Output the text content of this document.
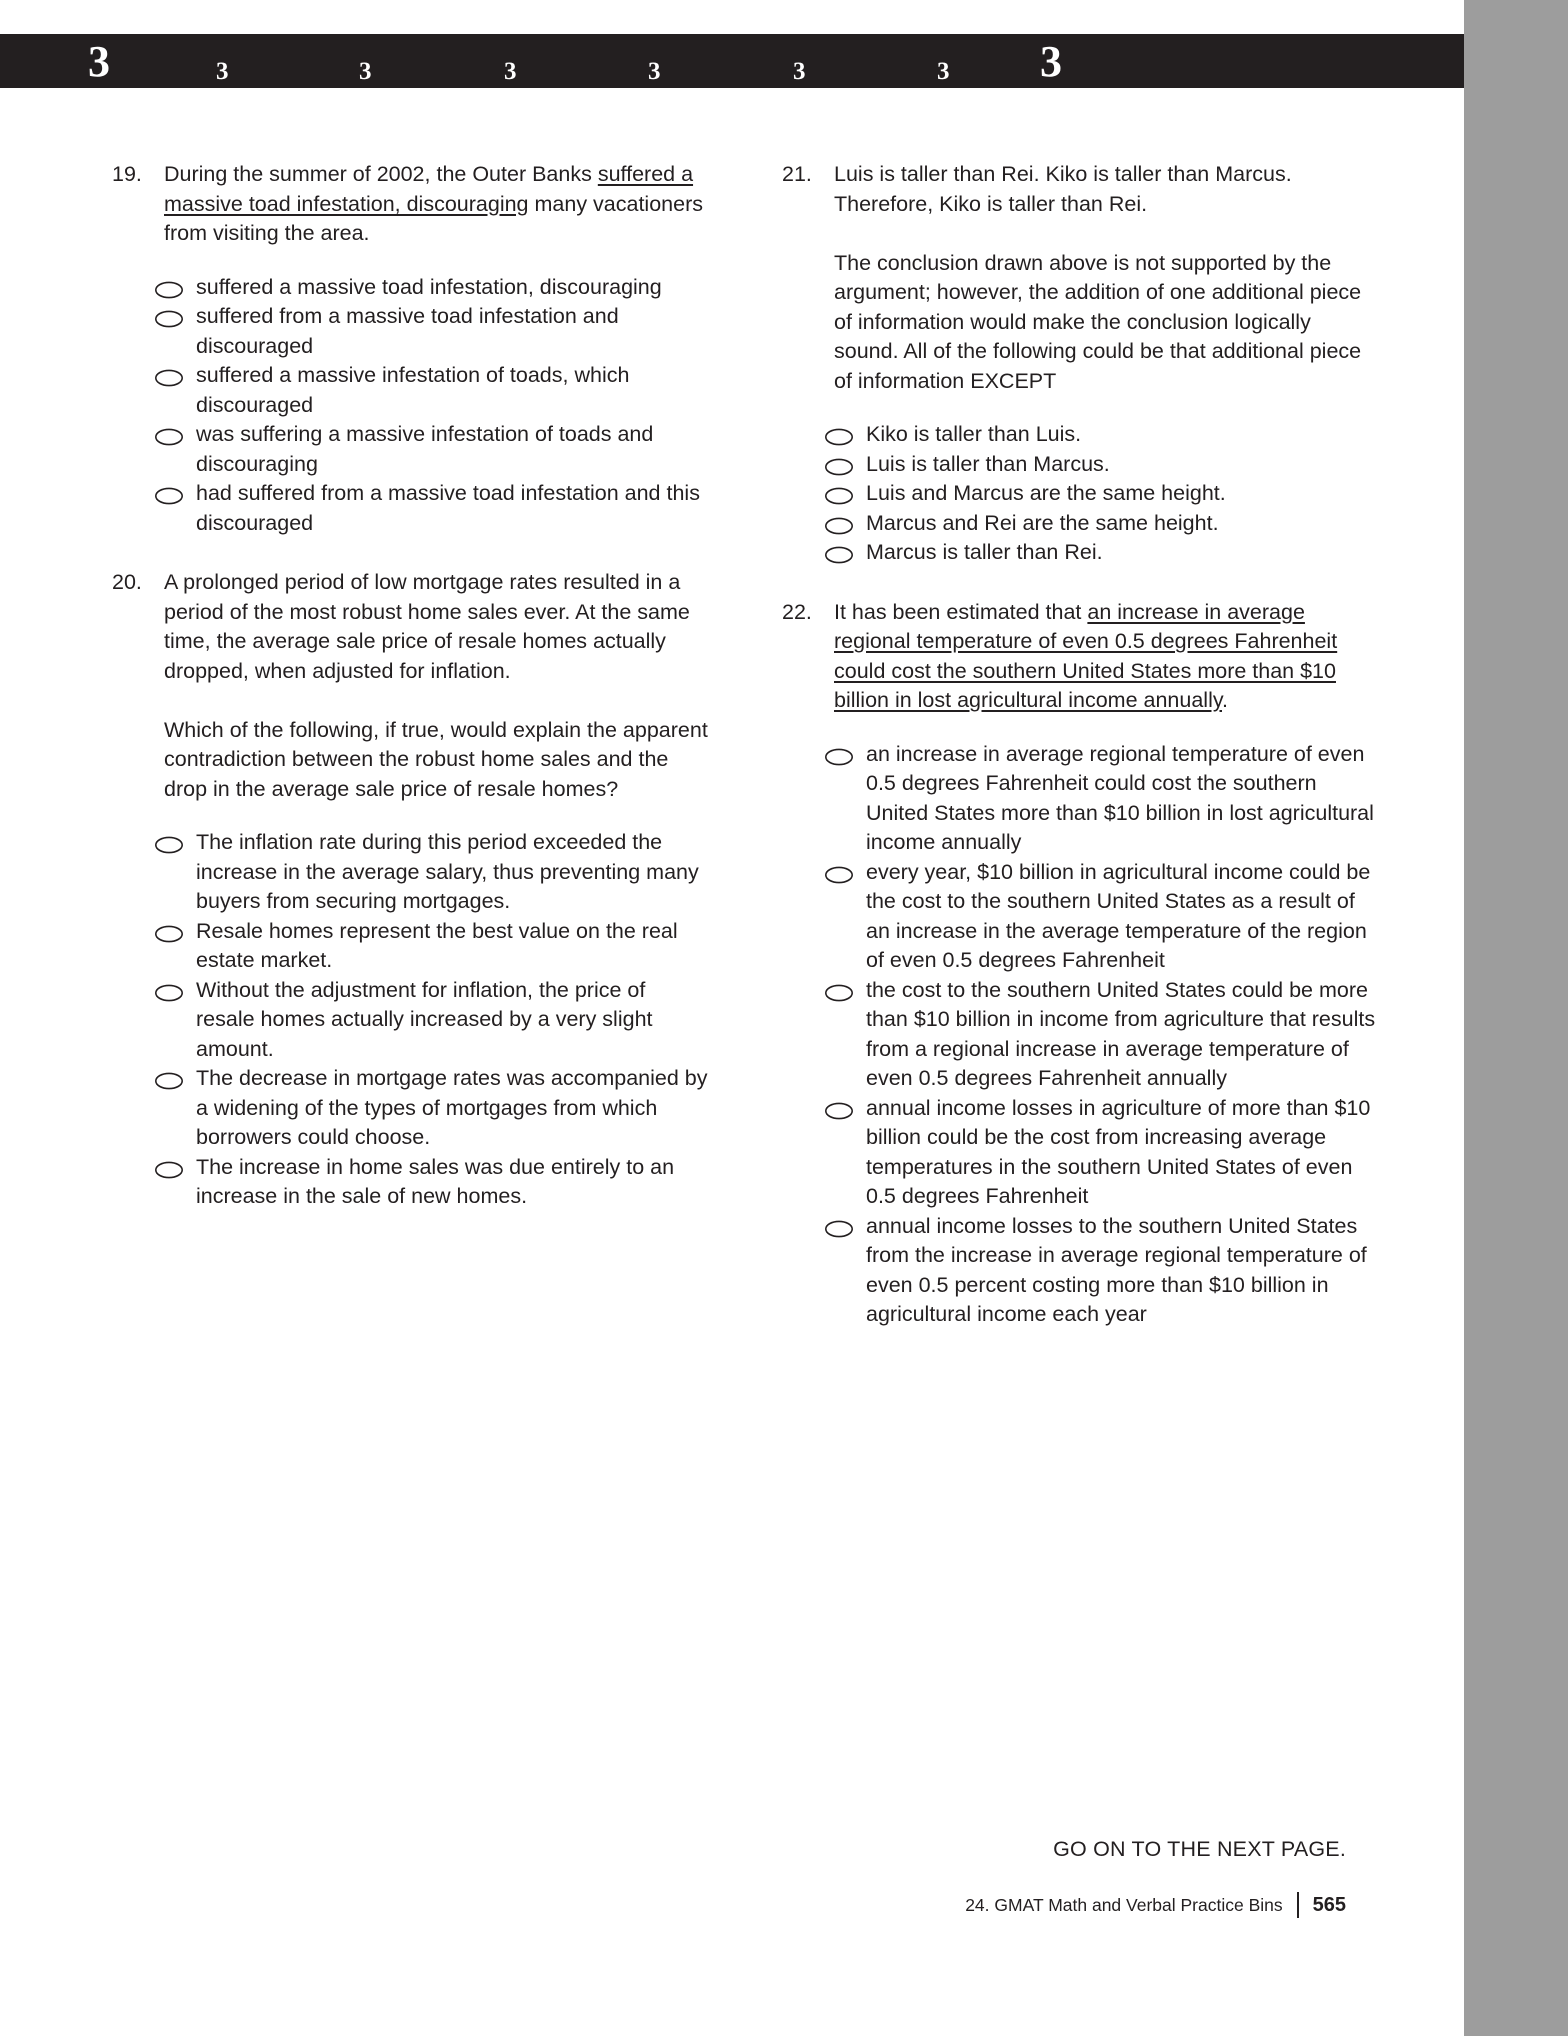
3	3	3	3	3	3	3 3
19.	During the summer of 2002, the Outer Banks suffered a massive toad infestation, discouraging many vacationers from visiting the area.

suffered a massive toad infestation, discouraging
suffered from a massive toad infestation and discouraged
suffered a massive infestation of toads, which discouraged
was suffering a massive infestation of toads and discouraging
had suffered from a massive toad infestation and this discouraged
20.	A prolonged period of low mortgage rates resulted in a period of the most robust home sales ever. At the same time, the average sale price of resale homes actually dropped, when adjusted for inflation.

Which of the following, if true, would explain the apparent contradiction between the robust home sales and the drop in the average sale price of resale homes?

The inflation rate during this period exceeded the increase in the average salary, thus preventing many buyers from securing mortgages.
Resale homes represent the best value on the real estate market.
Without the adjustment for inflation, the price of resale homes actually increased by a very slight amount.
The decrease in mortgage rates was accompanied by a widening of the types of mortgages from which borrowers could choose.
The increase in home sales was due entirely to an increase in the sale of new homes.
21.	Luis is taller than Rei. Kiko is taller than Marcus. Therefore, Kiko is taller than Rei.

The conclusion drawn above is not supported by the argument; however, the addition of one additional piece of information would make the conclusion logically sound. All of the following could be that additional piece of information EXCEPT

Kiko is taller than Luis.
Luis is taller than Marcus.
Luis and Marcus are the same height.
Marcus and Rei are the same height.
Marcus is taller than Rei.
22.	It has been estimated that an increase in average regional temperature of even 0.5 degrees Fahrenheit could cost the southern United States more than $10 billion in lost agricultural income annually.

an increase in average regional temperature of even 0.5 degrees Fahrenheit could cost the southern United States more than $10 billion in lost agricultural income annually
every year, $10 billion in agricultural income could be the cost to the southern United States as a result of an increase in the average temperature of the region of even 0.5 degrees Fahrenheit
the cost to the southern United States could be more than $10 billion in income from agriculture that results from a regional increase in average temperature of even 0.5 degrees Fahrenheit annually
annual income losses in agriculture of more than $10 billion could be the cost from increasing average temperatures in the southern United States of even 0.5 degrees Fahrenheit
annual income losses to the southern United States from the increase in average regional temperature of even 0.5 percent costing more than $10 billion in agricultural income each year
GO ON TO THE NEXT PAGE.
24. GMAT Math and Verbal Practice Bins 565
